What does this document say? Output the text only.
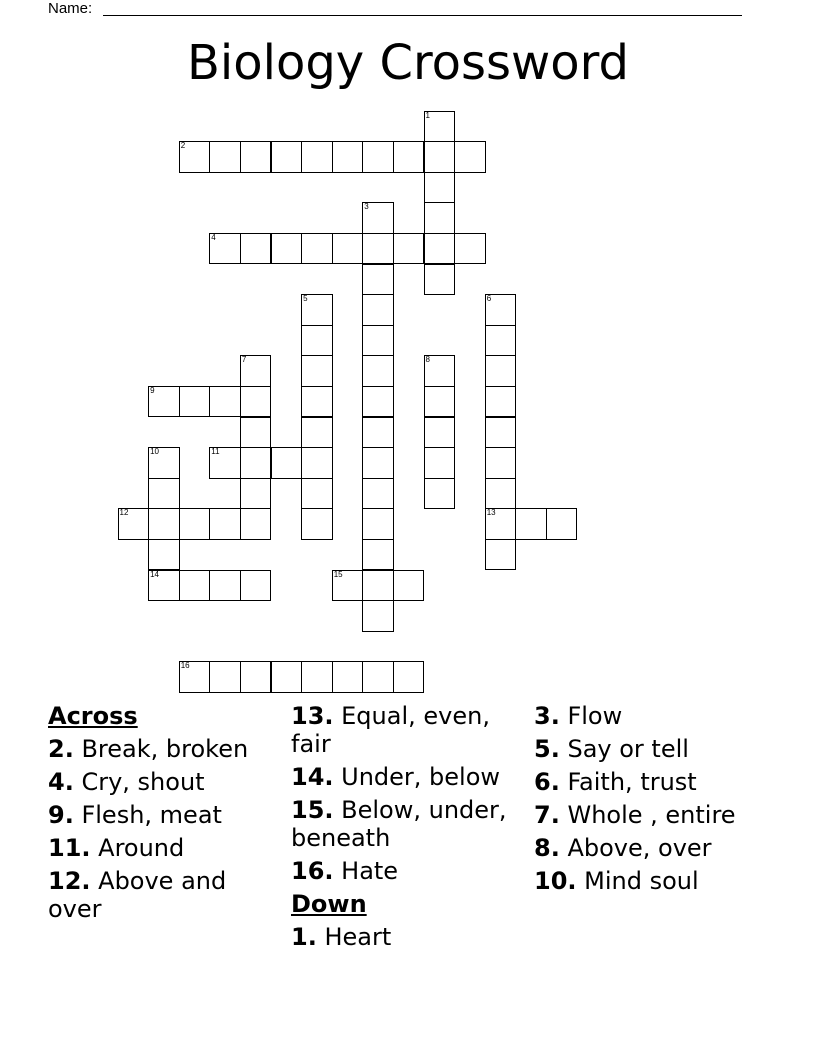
Name:
Biology Crossword
1
2
3
4
5	6
7	8
9
10	11
12	13
14	15
16
Across
2. Break, broken
4. Cry, shout
9. Flesh, meat
11. Around
12. Above and over
13. Equal, even, fair
14. Under, below
15. Below, under, beneath
16. Hate
Down
1. Heart
3. Flow
5. Say or tell
6. Faith, trust
7. Whole , entire
8. Above, over
10. Mind soul
